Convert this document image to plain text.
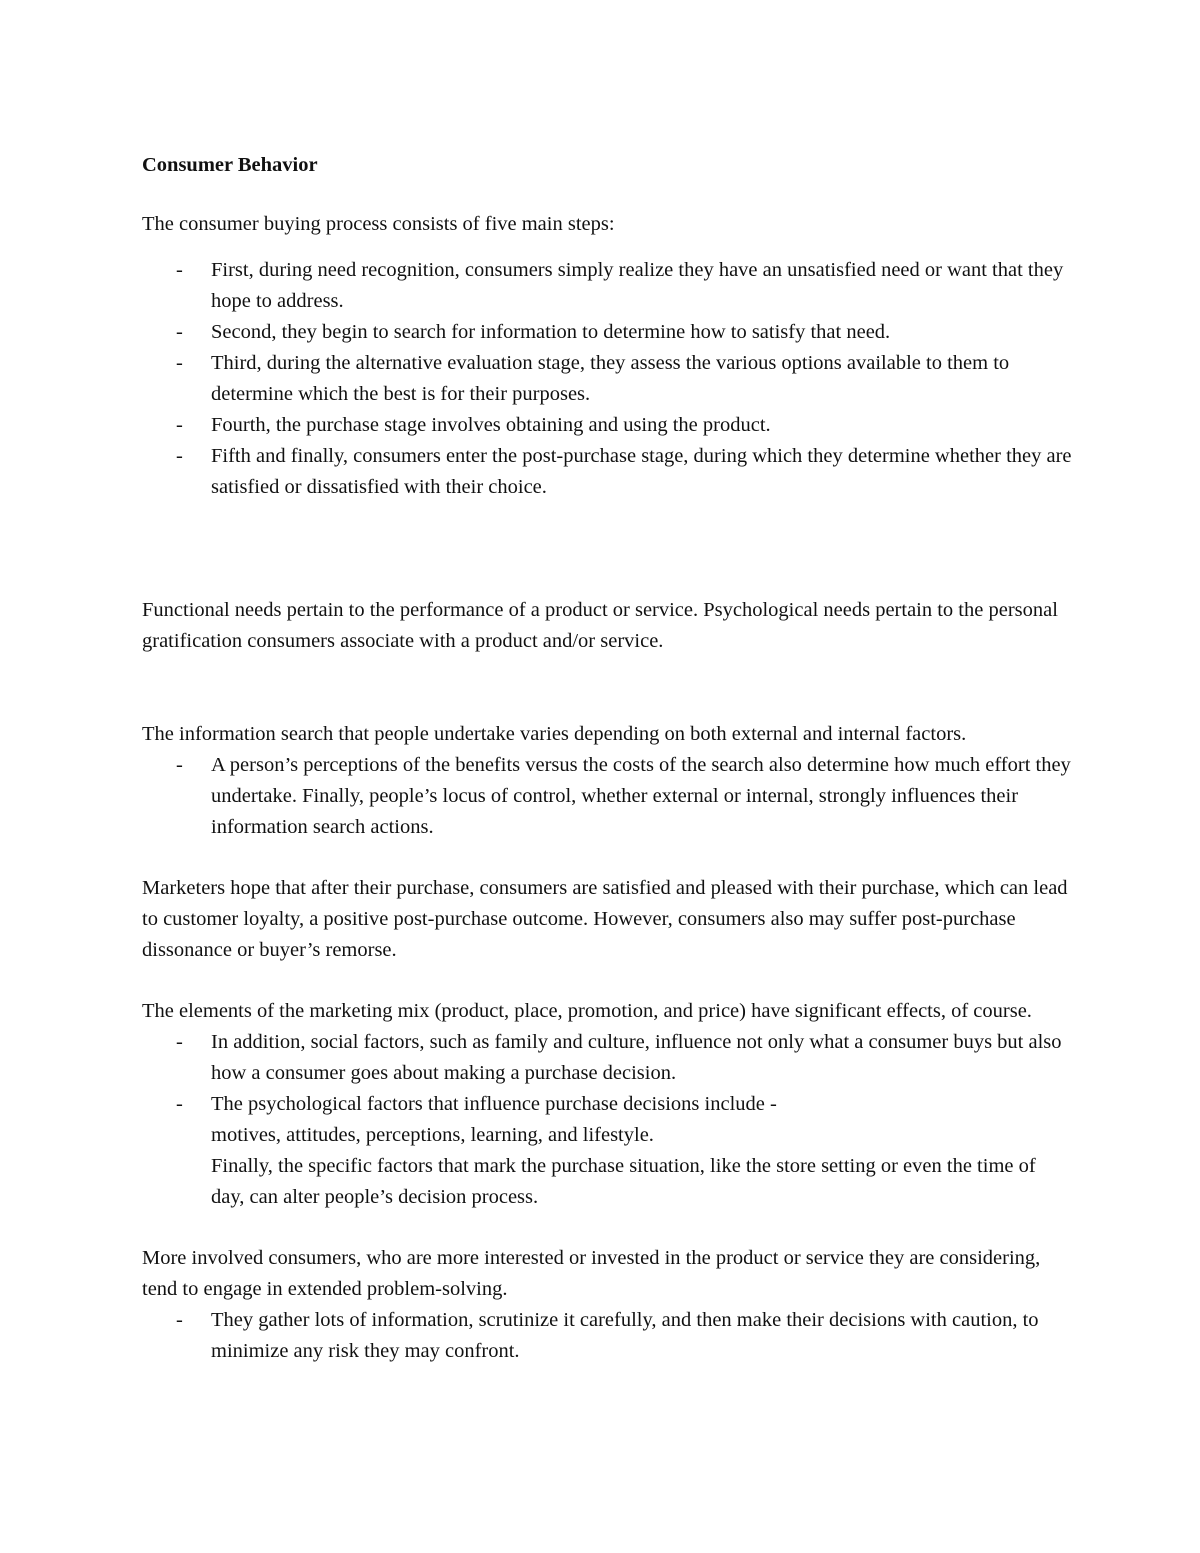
Consumer Behavior

The consumer buying process consists of five main steps:

- First, during need recognition, consumers simply realize they have an unsatisfied need or want that they hope to address.
- Second, they begin to search for information to determine how to satisfy that need.
- Third, during the alternative evaluation stage, they assess the various options available to them to determine which the best is for their purposes.
- Fourth, the purchase stage involves obtaining and using the product.
- Fifth and finally, consumers enter the post-purchase stage, during which they determine whether they are satisfied or dissatisfied with their choice.

Functional needs pertain to the performance of a product or service. Psychological needs pertain to the personal gratification consumers associate with a product and/or service.

The information search that people undertake varies depending on both external and internal factors.

- A person’s perceptions of the benefits versus the costs of the search also determine how much effort they undertake. Finally, people’s locus of control, whether external or internal, strongly influences their information search actions.

Marketers hope that after their purchase, consumers are satisfied and pleased with their purchase, which can lead to customer loyalty, a positive post-purchase outcome. However, consumers also may suffer post-purchase dissonance or buyer’s remorse.

The elements of the marketing mix (product, place, promotion, and price) have significant effects, of course.

- In addition, social factors, such as family and culture, influence not only what a consumer buys but also how a consumer goes about making a purchase decision.
- The psychological factors that influence purchase decisions include -
motives, attitudes, perceptions, learning, and lifestyle.
Finally, the specific factors that mark the purchase situation, like the store setting or even the time of day, can alter people’s decision process.

More involved consumers, who are more interested or invested in the product or service they are considering, tend to engage in extended problem-solving.

- They gather lots of information, scrutinize it carefully, and then make their decisions with caution, to minimize any risk they may confront.
